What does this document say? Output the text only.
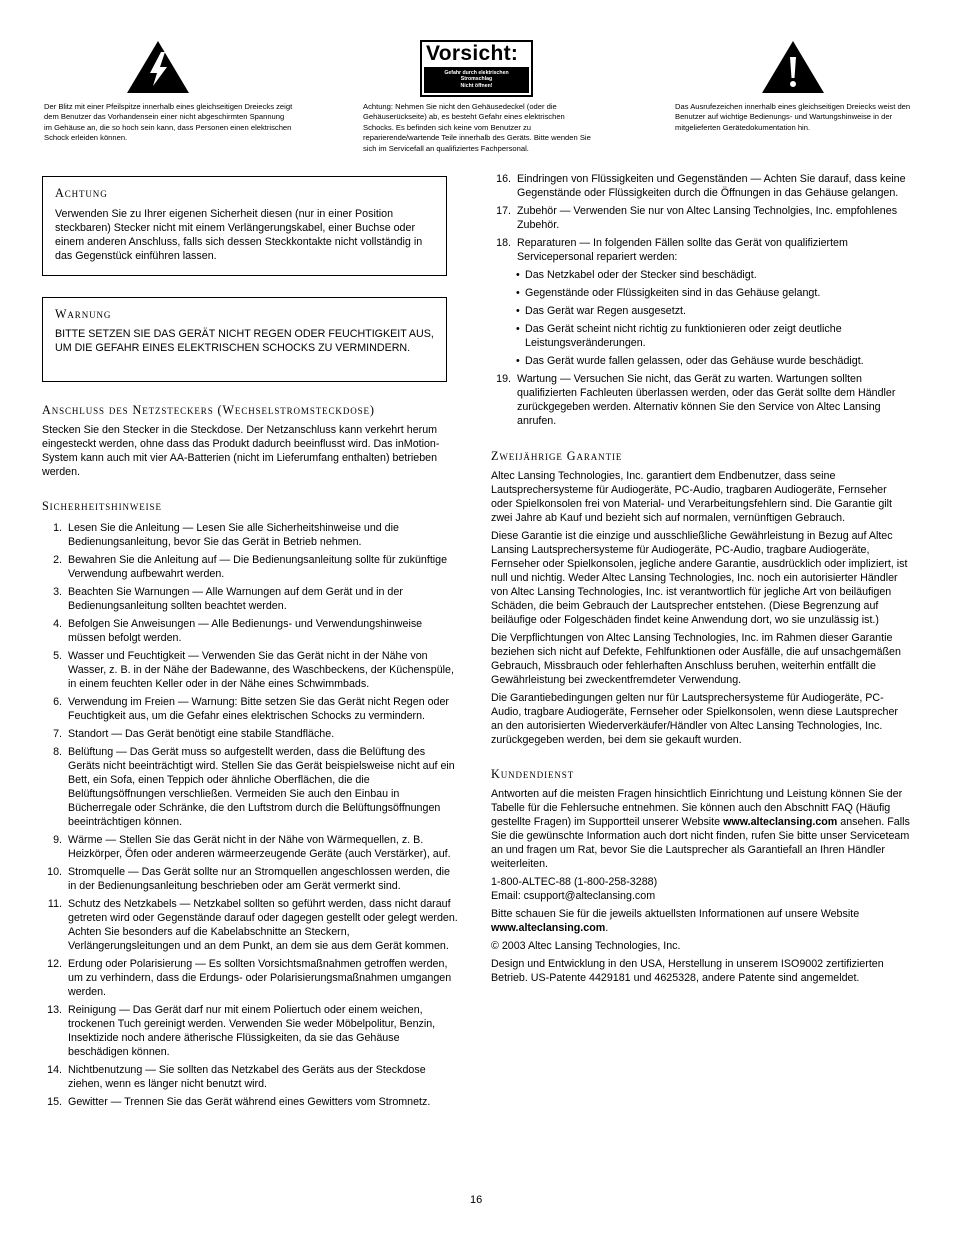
Der Blitz mit einer Pfeilspitze innerhalb eines gleichseitigen Dreiecks zeigt dem Benutzer das Vorhandensein einer nicht abgeschirmten Spannung im Gehäuse an, die so hoch sein kann, dass Personen einen elektrischen Schock erleiden können.
Vorsicht:
Gefahr durch elektrischen
Stromschlag
Nicht öffnen!
Achtung: Nehmen Sie nicht den Gehäusedeckel (oder die Gehäuserückseite) ab, es besteht Gefahr eines elektrischen Schocks. Es befinden sich keine vom Benutzer zu reparierende/wartende Teile innerhalb des Geräts. Bitte wenden Sie sich im Servicefall an qualifiziertes Fachpersonal.
Das Ausrufezeichen innerhalb eines gleichseitigen Dreiecks weist den Benutzer auf wichtige Bedienungs- und Wartungshinweise in der mitgelieferten Gerätedokumentation hin.
Achtung

Verwenden Sie zu Ihrer eigenen Sicherheit diesen (nur in einer Position steckbaren) Stecker nicht mit einem Verlängerungskabel, einer Buchse oder einem anderen Anschluss, falls sich dessen Steckkontakte nicht vollständig in das Gegenstück einführen lassen.

Warnung

BITTE SETZEN SIE DAS GERÄT NICHT REGEN ODER FEUCHTIGKEIT AUS, UM DIE GEFAHR EINES ELEKTRISCHEN SCHOCKS ZU VERMINDERN.

Anschluss des Netzsteckers (Wechselstromsteckdose)

Stecken Sie den Stecker in die Steckdose. Der Netzanschluss kann verkehrt herum eingesteckt werden, ohne dass das Produkt dadurch beeinflusst wird. Das inMotion-System kann auch mit vier AA-Batterien (nicht im Lieferumfang enthalten) betrieben werden.

Sicherheitshinweise
1. Lesen Sie die Anleitung — Lesen Sie alle Sicherheitshinweise und die Bedienungsanleitung, bevor Sie das Gerät in Betrieb nehmen.
2. Bewahren Sie die Anleitung auf — Die Bedienungsanleitung sollte für zukünftige Verwendung aufbewahrt werden.
3. Beachten Sie Warnungen — Alle Warnungen auf dem Gerät und in der Bedienungsanleitung sollten beachtet werden.
4. Befolgen Sie Anweisungen — Alle Bedienungs- und Verwendungshinweise müssen befolgt werden.
5. Wasser und Feuchtigkeit — Verwenden Sie das Gerät nicht in der Nähe von Wasser, z. B. in der Nähe der Badewanne, des Waschbeckens, der Küchenspüle, in einem feuchten Keller oder in der Nähe eines Schwimmbads.
6. Verwendung im Freien — Warnung: Bitte setzen Sie das Gerät nicht Regen oder Feuchtigkeit aus, um die Gefahr eines elektrischen Schocks zu vermindern.
7. Standort — Das Gerät benötigt eine stabile Standfläche.
8. Belüftung — Das Gerät muss so aufgestellt werden, dass die Belüftung des Geräts nicht beeinträchtigt wird. Stellen Sie das Gerät beispielsweise nicht auf ein Bett, ein Sofa, einen Teppich oder ähnliche Oberflächen, die die Belüftungsöffnungen verschließen. Vermeiden Sie auch den Einbau in Bücherregale oder Schränke, die den Luftstrom durch die Belüftungsöffnungen beeinträchtigen können.
9. Wärme — Stellen Sie das Gerät nicht in der Nähe von Wärmequellen, z. B. Heizkörper, Öfen oder anderen wärmeerzeugende Geräte (auch Verstärker), auf.
10. Stromquelle — Das Gerät sollte nur an Stromquellen angeschlossen werden, die in der Bedienungsanleitung beschrieben oder am Gerät vermerkt sind.
11. Schutz des Netzkabels — Netzkabel sollten so geführt werden, dass nicht darauf getreten wird oder Gegenstände darauf oder dagegen gestellt oder gelegt werden. Achten Sie besonders auf die Kabelabschnitte an Steckern, Verlängerungsleitungen und an dem Punkt, an dem sie aus dem Gerät kommen.
12. Erdung oder Polarisierung — Es sollten Vorsichtsmaßnahmen getroffen werden, um zu verhindern, dass die Erdungs- oder Polarisierungsmaßnahmen umgangen werden.
13. Reinigung — Das Gerät darf nur mit einem Poliertuch oder einem weichen, trockenen Tuch gereinigt werden. Verwenden Sie weder Möbelpolitur, Benzin, Insektizide noch andere ätherische Flüssigkeiten, da sie das Gehäuse beschädigen können.
14. Nichtbenutzung — Sie sollten das Netzkabel des Geräts aus der Steckdose ziehen, wenn es länger nicht benutzt wird.
15. Gewitter — Trennen Sie das Gerät während eines Gewitters vom Stromnetz.
16. Eindringen von Flüssigkeiten und Gegenständen — Achten Sie darauf, dass keine Gegenstände oder Flüssigkeiten durch die Öffnungen in das Gehäuse gelangen.
17. Zubehör — Verwenden Sie nur von Altec Lansing Technolgies, Inc. empfohlenes Zubehör.
18. Reparaturen — In folgenden Fällen sollte das Gerät von qualifiziertem Servicepersonal repariert werden:
• Das Netzkabel oder der Stecker sind beschädigt.
• Gegenstände oder Flüssigkeiten sind in das Gehäuse gelangt.
• Das Gerät war Regen ausgesetzt.
• Das Gerät scheint nicht richtig zu funktionieren oder zeigt deutliche Leistungsveränderungen.
• Das Gerät wurde fallen gelassen, oder das Gehäuse wurde beschädigt.
19. Wartung — Versuchen Sie nicht, das Gerät zu warten. Wartungen sollten qualifizierten Fachleuten überlassen werden, oder das Gerät sollte dem Händler zurückgegeben werden. Alternativ können Sie den Service von Altec Lansing anrufen.
Zweijährige Garantie

Altec Lansing Technologies, Inc. garantiert dem Endbenutzer, dass seine Lautsprechersysteme für Audiogeräte, PC-Audio, tragbaren Audiogeräte, Fernseher oder Spielkonsolen frei von Material- und Verarbeitungsfehlern sind. Die Garantie gilt zwei Jahre ab Kauf und bezieht sich auf normalen, vernünftigen Gebrauch.

Diese Garantie ist die einzige und ausschließliche Gewährleistung in Bezug auf Altec Lansing Lautsprechersysteme für Audiogeräte, PC-Audio, tragbare Audiogeräte, Fernseher oder Spielkonsolen, jegliche andere Garantie, ausdrücklich oder impliziert, ist null und nichtig. Weder Altec Lansing Technologies, Inc. noch ein autorisierter Händler von Altec Lansing Technologies, Inc. ist verantwortlich für jegliche Art von beiläufigen Schäden, die beim Gebrauch der Lautsprecher entstehen. (Diese Begrenzung auf beiläufige oder Folgeschäden findet keine Anwendung dort, wo sie unzulässig ist.)

Die Verpflichtungen von Altec Lansing Technologies, Inc. im Rahmen dieser Garantie beziehen sich nicht auf Defekte, Fehlfunktionen oder Ausfälle, die auf unsachgemäßen Gebrauch, Missbrauch oder fehlerhaften Anschluss beruhen, weiterhin entfällt die Gewährleistung bei zweckentfremdeter Verwendung.

Die Garantiebedingungen gelten nur für Lautsprechersysteme für Audiogeräte, PC-Audio, tragbare Audiogeräte, Fernseher oder Spielkonsolen, wenn diese Lautsprecher an den autorisierten Wiederverkäufer/Händler von Altec Lansing Technologies, Inc. zurückgegeben werden, bei dem sie gekauft wurden.

Kundendienst

Antworten auf die meisten Fragen hinsichtlich Einrichtung und Leistung können Sie der Tabelle für die Fehlersuche entnehmen. Sie können auch den Abschnitt FAQ (Häufig gestellte Fragen) im Supportteil unserer Website www.alteclansing.com ansehen. Falls Sie die gewünschte Information auch dort nicht finden, rufen Sie bitte unser Serviceteam an und fragen um Rat, bevor Sie die Lautsprecher als Garantiefall an Ihren Händler weiterleiten.

1-800-ALTEC-88 (1-800-258-3288)

Email: csupport@alteclansing.com

Bitte schauen Sie für die jeweils aktuellsten Informationen auf unsere Website www.alteclansing.com.

© 2003 Altec Lansing Technologies, Inc.

Design und Entwicklung in den USA, Herstellung in unserem ISO9002 zertifizierten Betrieb. US-Patente 4429181 und 4625328, andere Patente sind angemeldet.

16
